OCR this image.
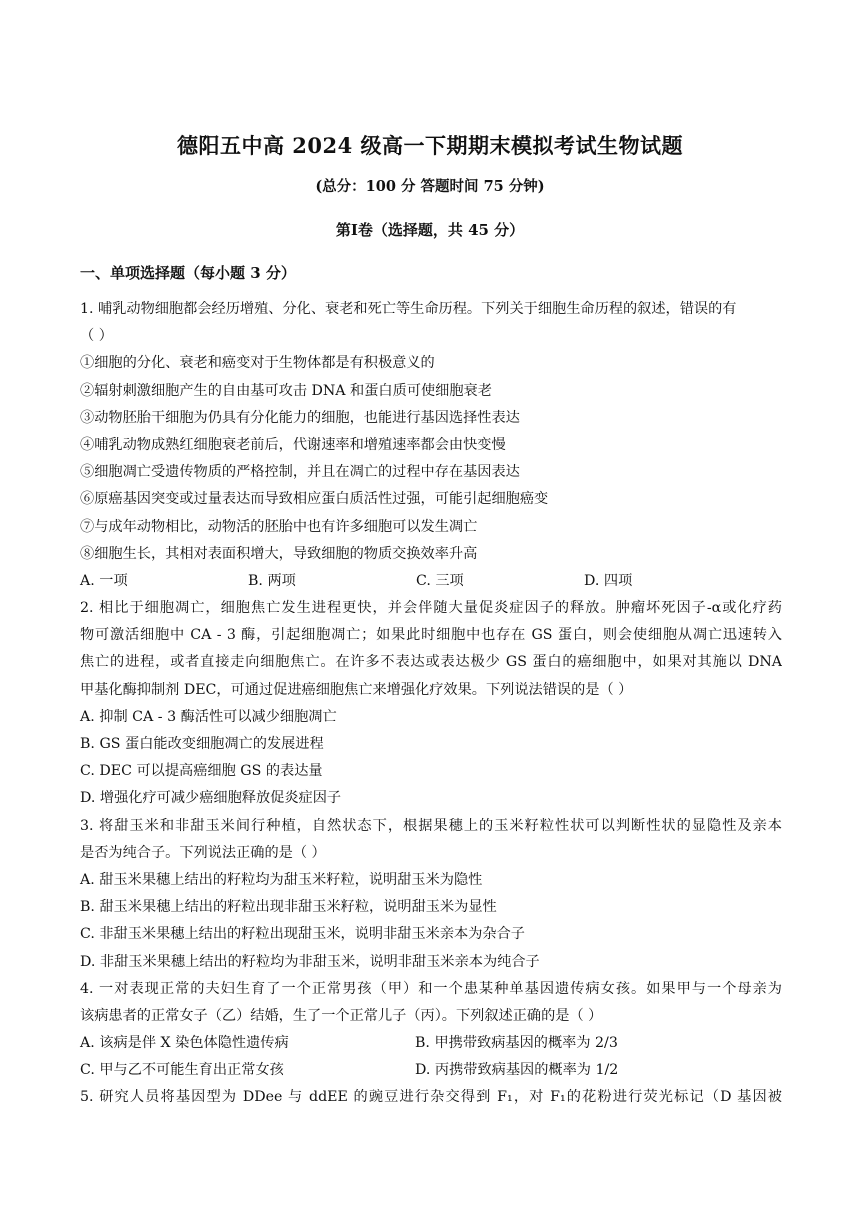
德阳五中高 2024 级高一下期期末模拟考试生物试题
(总分：100 分 答题时间 75 分钟)
第Ⅰ卷（选择题，共 45 分）
一、单项选择题（每小题 3 分）
1. 哺乳动物细胞都会经历增殖、分化、衰老和死亡等生命历程。下列关于细胞生命历程的叙述，错误的有
（ ）
①细胞的分化、衰老和癌变对于生物体都是有积极意义的
②辐射刺激细胞产生的自由基可攻击 DNA 和蛋白质可使细胞衰老
③动物胚胎干细胞为仍具有分化能力的细胞，也能进行基因选择性表达
④哺乳动物成熟红细胞衰老前后，代谢速率和增殖速率都会由快变慢
⑤细胞凋亡受遗传物质的严格控制，并且在凋亡的过程中存在基因表达
⑥原癌基因突变或过量表达而导致相应蛋白质活性过强，可能引起细胞癌变
⑦与成年动物相比，动物活的胚胎中也有许多细胞可以发生凋亡
⑧细胞生长，其相对表面积增大，导致细胞的物质交换效率升高
A. 一项	B. 两项	C. 三项	D. 四项
2. 相比于细胞凋亡，细胞焦亡发生进程更快，并会伴随大量促炎症因子的释放。肿瘤坏死因子-α或化疗药
物可激活细胞中 CA - 3 酶，引起细胞凋亡；如果此时细胞中也存在 GS 蛋白，则会使细胞从凋亡迅速转入
焦亡的进程，或者直接走向细胞焦亡。在许多不表达或表达极少 GS 蛋白的癌细胞中，如果对其施以 DNA
甲基化酶抑制剂 DEC，可通过促进癌细胞焦亡来增强化疗效果。下列说法错误的是（ ）
A. 抑制 CA - 3 酶活性可以减少细胞凋亡
B. GS 蛋白能改变细胞凋亡的发展进程
C. DEC 可以提高癌细胞 GS 的表达量
D. 增强化疗可减少癌细胞释放促炎症因子
3. 将甜玉米和非甜玉米间行种植，自然状态下，根据果穗上的玉米籽粒性状可以判断性状的显隐性及亲本
是否为纯合子。下列说法正确的是（ ）
A. 甜玉米果穗上结出的籽粒均为甜玉米籽粒，说明甜玉米为隐性
B. 甜玉米果穗上结出的籽粒出现非甜玉米籽粒，说明甜玉米为显性
C. 非甜玉米果穗上结出的籽粒出现甜玉米，说明非甜玉米亲本为杂合子
D. 非甜玉米果穗上结出的籽粒均为非甜玉米，说明非甜玉米亲本为纯合子
4. 一对表现正常的夫妇生育了一个正常男孩（甲）和一个患某种单基因遗传病女孩。如果甲与一个母亲为
该病患者的正常女子（乙）结婚，生了一个正常儿子（丙）。下列叙述正确的是（ ）
A. 该病是伴 X 染色体隐性遗传病	B. 甲携带致病基因的概率为 2/3
C. 甲与乙不可能生育出正常女孩	D. 丙携带致病基因的概率为 1/2
5. 研究人员将基因型为 DDee 与 ddEE 的豌豆进行杂交得到 F₁，对 F₁的花粉进行荧光标记（D 基因被
